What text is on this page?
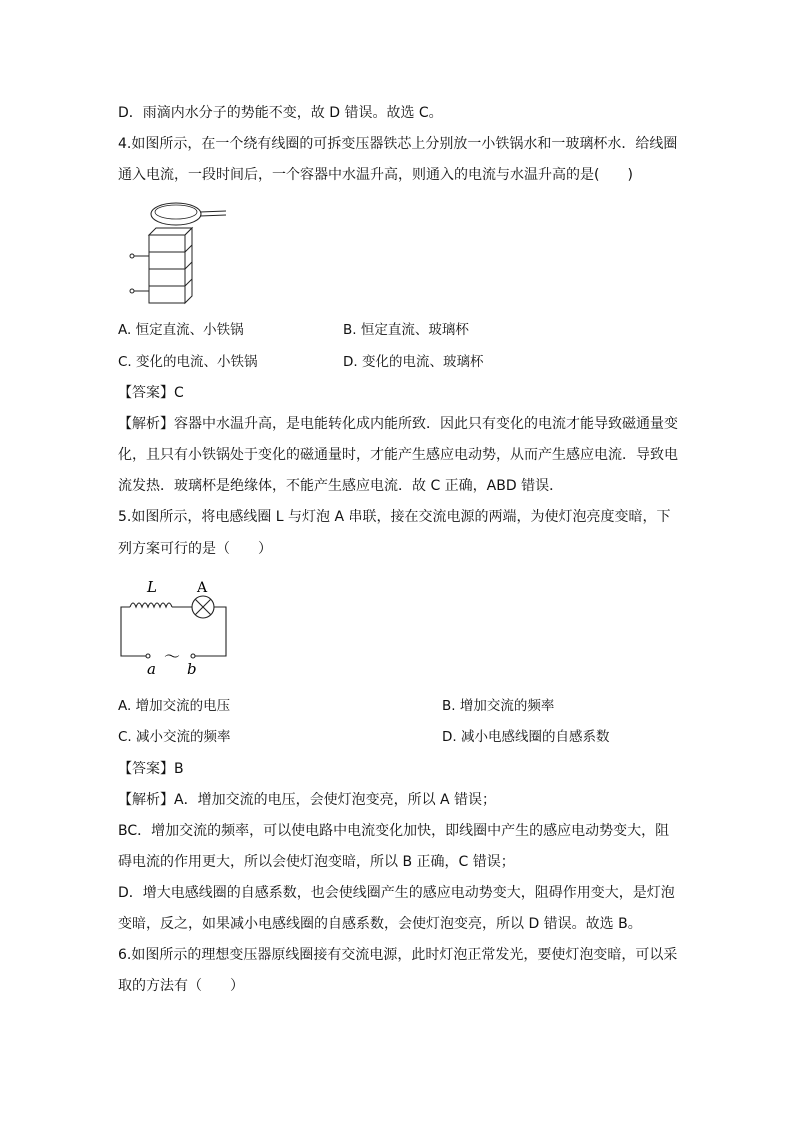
D．雨滴内水分子的势能不变，故 D 错误。故选 C。
4.如图所示，在一个绕有线圈的可拆变压器铁芯上分别放一小铁锅水和一玻璃杯水．给线圈
通入电流，一段时间后，一个容器中水温升高，则通入的电流与水温升高的是(　　)
A. 恒定直流、小铁锅	B. 恒定直流、玻璃杯
C. 变化的电流、小铁锅	D. 变化的电流、玻璃杯
【答案】C
【解析】容器中水温升高，是电能转化成内能所致．因此只有变化的电流才能导致磁通量变
化，且只有小铁锅处于变化的磁通量时，才能产生感应电动势，从而产生感应电流．导致电
流发热．玻璃杯是绝缘体，不能产生感应电流．故 C 正确，ABD 错误．
5.如图所示，将电感线圈 L 与灯泡 A 串联，接在交流电源的两端，为使灯泡亮度变暗，下
列方案可行的是（　　）
L	A
～
a b
A. 增加交流的电压	B. 增加交流的频率
C. 减小交流的频率	D. 减小电感线圈的自感系数
【答案】B
【解析】A．增加交流的电压，会使灯泡变亮，所以 A 错误；
BC．增加交流的频率，可以使电路中电流变化加快，即线圈中产生的感应电动势变大，阻
碍电流的作用更大，所以会使灯泡变暗，所以 B 正确，C 错误；
D．增大电感线圈的自感系数，也会使线圈产生的感应电动势变大，阻碍作用变大，是灯泡
变暗，反之，如果减小电感线圈的自感系数，会使灯泡变亮，所以 D 错误。故选 B。
6.如图所示的理想变压器原线圈接有交流电源，此时灯泡正常发光，要使灯泡变暗，可以采
取的方法有（　　）
